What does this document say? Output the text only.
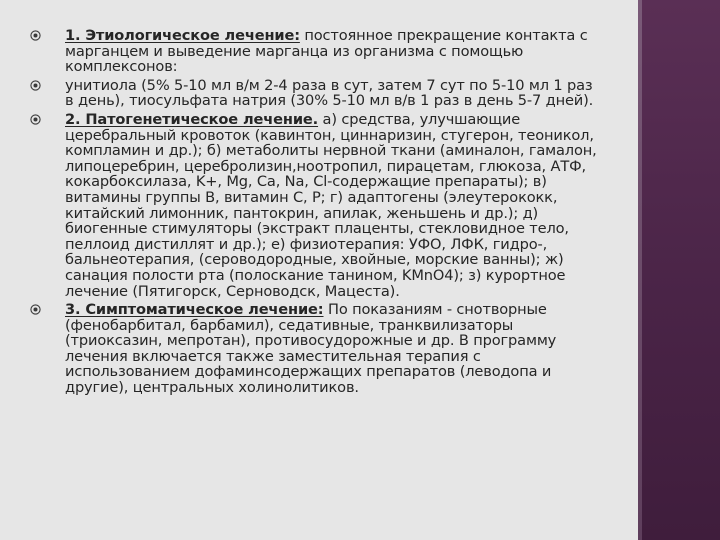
1. Этиологическое лечение: постоянное прекращение контакта с марганцем и выведение марганца из организма с помощью комплексонов:
унитиола (5% 5-10 мл в/м 2-4 раза в сут, затем 7 сут по 5-10 мл 1 раз в день), тиосульфата натрия (30% 5-10 мл в/в 1 раз в день 5-7 дней).
2. Патогенетическое лечение. а) средства, улучшающие церебральный кровоток (кавинтон, циннаризин, стугерон, теоникол, компламин и др.); б) метаболиты нервной ткани (аминалон, гамалон, липоцеребрин, церебролизин,ноотропил, пирацетам, глюкоза, АТФ, кокарбоксилаза, K+, Mg, Ca, Na, Cl-содержащие препараты); в) витамины группы В, витамин С, Р; г) адаптогены (элеутерококк, китайский лимонник, пантокрин, апилак, женьшень и др.); д) биогенные стимуляторы (экстракт плаценты, стекловидное тело, пеллоид дистиллят и др.); е) физиотерапия: УФО, ЛФК, гидро-, бальнеотерапия, (сероводородные, хвойные, морские ванны); ж) санация полости рта (полоскание танином, KMnO4); з) курортное лечение (Пятигорск, Серноводск, Мацеста).
3. Симптоматическое лечение: По показаниям - снотворные (фенобарбитал, барбамил), седативные, транквилизаторы (триоксазин, мепротан), противосудорожные и др. В программу лечения включается также заместительная терапия с использованием дофаминсодержащих препаратов (леводопа и другие), центральных холинолитиков.
